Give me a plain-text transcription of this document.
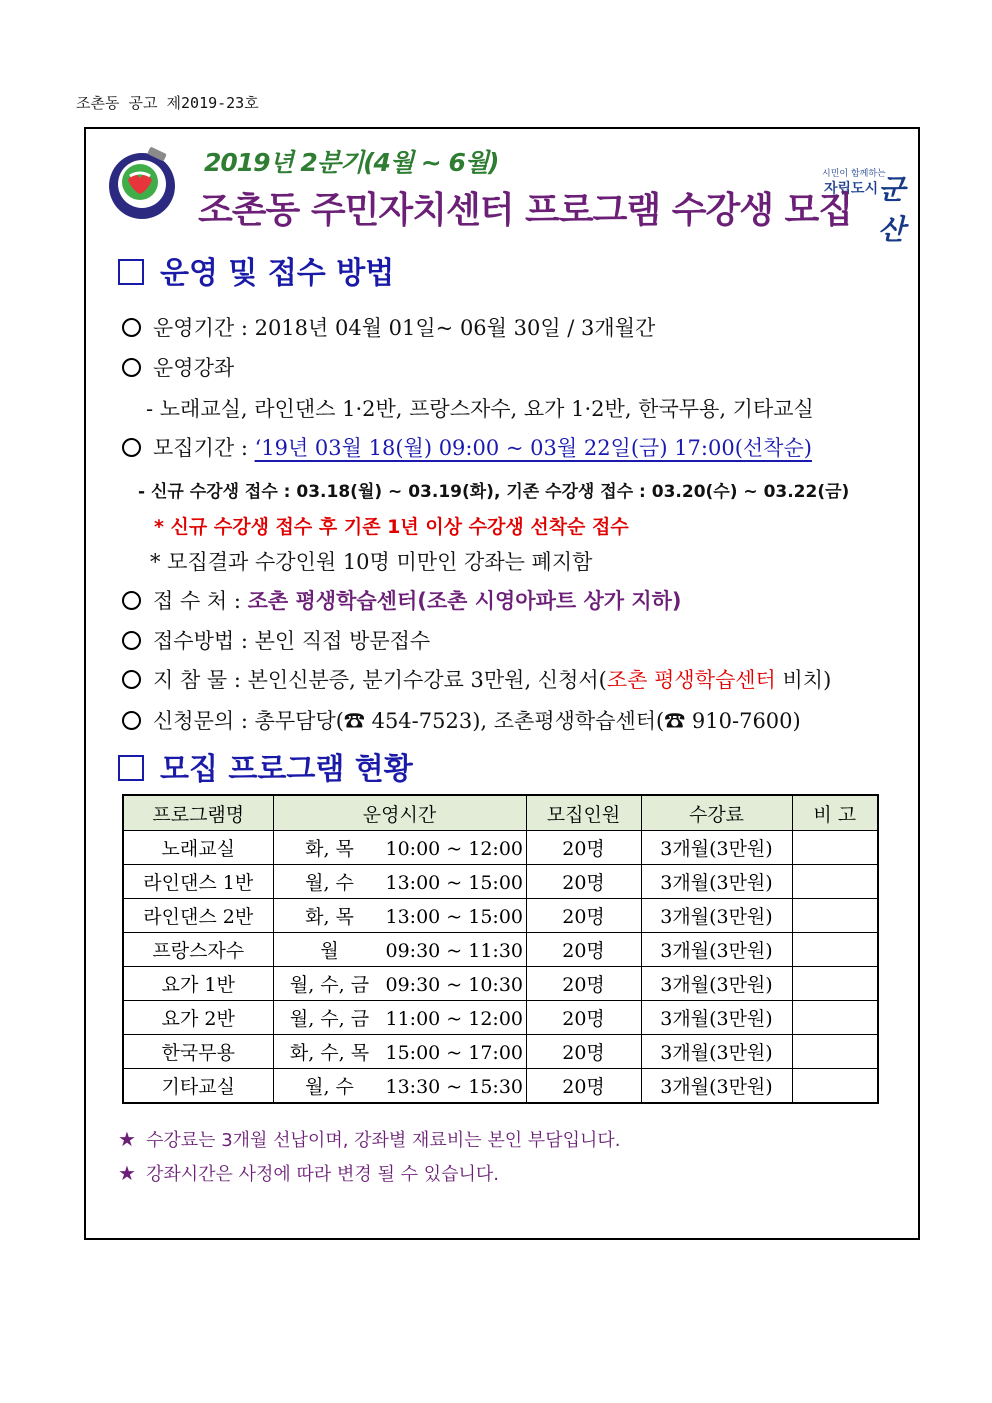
조촌동 공고 제2019-23호
시민이 함께하는
자립도시 군산
2019년 2분기(4월 ~ 6월)
조촌동 주민자치센터 프로그램 수강생 모집
운영 및 접수 방법
운영기간 : 2018년 04월 01일~ 06월 30일 / 3개월간
운영강좌
- 노래교실, 라인댄스 1·2반, 프랑스자수, 요가 1·2반, 한국무용, 기타교실
모집기간 : ‘19년 03월 18(월) 09:00 ~ 03월 22일(금) 17:00(선착순)
- 신규 수강생 접수 : 03.18(월) ~ 03.19(화), 기존 수강생 접수 : 03.20(수) ~ 03.22(금)
* 신규 수강생 접수 후 기존 1년 이상 수강생 선착순 접수
* 모집결과 수강인원 10명 미만인 강좌는 폐지함
접 수 처 : 조촌 평생학습센터(조촌 시영아파트 상가 지하)
접수방법 : 본인 직접 방문접수
지 참 물 : 본인신분증, 분기수강료 3만원, 신청서(조촌 평생학습센터 비치)
신청문의 : 총무담당(☎ 454-7523), 조촌평생학습센터(☎ 910-7600)
모집 프로그램 현황
프로그램명	운영시간	모집인원	수강료	비 고
노래교실	화, 목 10:00 ~ 12:00	20명	3개월(3만원)	
라인댄스 1반	월, 수 13:00 ~ 15:00	20명	3개월(3만원)	
라인댄스 2반	화, 목 13:00 ~ 15:00	20명	3개월(3만원)	
프랑스자수	월 09:30 ~ 11:30	20명	3개월(3만원)	
요가 1반	월, 수, 금 09:30 ~ 10:30	20명	3개월(3만원)	
요가 2반	월, 수, 금 11:00 ~ 12:00	20명	3개월(3만원)	
한국무용	화, 수, 목 15:00 ~ 17:00	20명	3개월(3만원)	
기타교실	월, 수 13:30 ~ 15:30	20명	3개월(3만원)	
★ 수강료는 3개월 선납이며, 강좌별 재료비는 본인 부담입니다.
★ 강좌시간은 사정에 따라 변경 될 수 있습니다.
